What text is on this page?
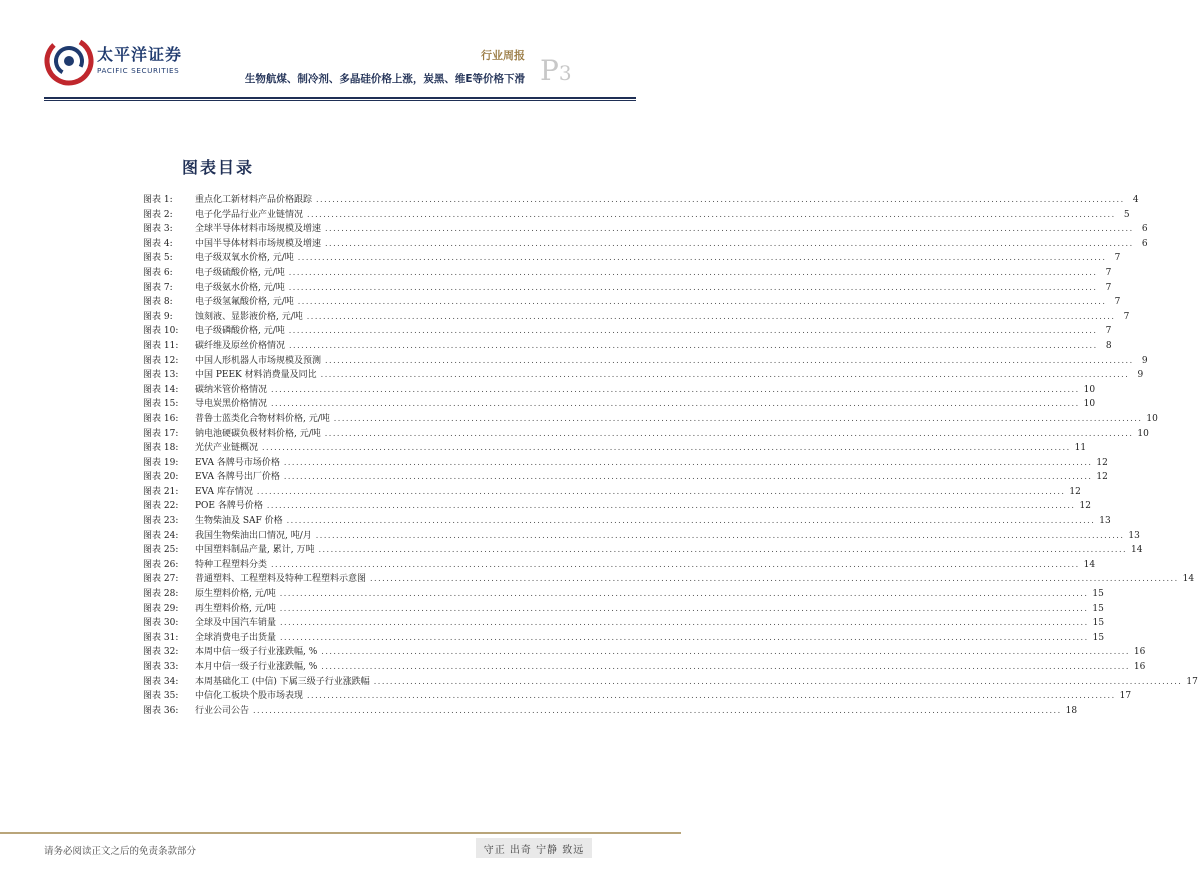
太平洋证券
PACIFIC SECURITIES
行业周报
生物航煤、制冷剂、多晶硅价格上涨，炭黑、维E等价格下滑 P3
图表目录
图表 1:	重点化工新材料产品价格跟踪 ........................................................................................................................................................................................................ 4
图表 2:	电子化学品行业产业链情况 ........................................................................................................................................................................................................ 5
图表 3:	全球半导体材料市场规模及增速 ........................................................................................................................................................................................................ 6
图表 4:	中国半导体材料市场规模及增速 ........................................................................................................................................................................................................ 6
图表 5:	电子级双氧水价格, 元/吨 ........................................................................................................................................................................................................ 7
图表 6:	电子级硫酸价格, 元/吨 ........................................................................................................................................................................................................ 7
图表 7:	电子级氨水价格, 元/吨 ........................................................................................................................................................................................................ 7
图表 8:	电子级氢氟酸价格, 元/吨 ........................................................................................................................................................................................................ 7
图表 9:	蚀刻液、显影液价格, 元/吨 ........................................................................................................................................................................................................ 7
图表 10:	电子级磷酸价格, 元/吨 ........................................................................................................................................................................................................ 7
图表 11:	碳纤维及原丝价格情况 ........................................................................................................................................................................................................ 8
图表 12:	中国人形机器人市场规模及预测 ........................................................................................................................................................................................................ 9
图表 13:	中国 PEEK 材料消费量及同比 ........................................................................................................................................................................................................ 9
图表 14:	碳纳米管价格情况 ........................................................................................................................................................................................................ 10
图表 15:	导电炭黑价格情况 ........................................................................................................................................................................................................ 10
图表 16:	普鲁士蓝类化合物材料价格, 元/吨 ........................................................................................................................................................................................................ 10
图表 17:	钠电池硬碳负极材料价格, 元/吨 ........................................................................................................................................................................................................ 10
图表 18:	光伏产业链概况 ........................................................................................................................................................................................................ 11
图表 19:	EVA 各牌号市场价格 ........................................................................................................................................................................................................ 12
图表 20:	EVA 各牌号出厂价格 ........................................................................................................................................................................................................ 12
图表 21:	EVA 库存情况 ........................................................................................................................................................................................................ 12
图表 22:	POE 各牌号价格 ........................................................................................................................................................................................................ 12
图表 23:	生物柴油及 SAF 价格 ........................................................................................................................................................................................................ 13
图表 24:	我国生物柴油出口情况, 吨/月 ........................................................................................................................................................................................................ 13
图表 25:	中国塑料制品产量, 累计, 万吨 ........................................................................................................................................................................................................ 14
图表 26:	特种工程塑料分类 ........................................................................................................................................................................................................ 14
图表 27:	普通塑料、工程塑料及特种工程塑料示意图 ........................................................................................................................................................................................................ 14
图表 28:	原生塑料价格, 元/吨 ........................................................................................................................................................................................................ 15
图表 29:	再生塑料价格, 元/吨 ........................................................................................................................................................................................................ 15
图表 30:	全球及中国汽车销量 ........................................................................................................................................................................................................ 15
图表 31:	全球消费电子出货量 ........................................................................................................................................................................................................ 15
图表 32:	本周中信一级子行业涨跌幅, % ........................................................................................................................................................................................................ 16
图表 33:	本月中信一级子行业涨跌幅, % ........................................................................................................................................................................................................ 16
图表 34:	本周基础化工 (中信) 下属三级子行业涨跌幅 ........................................................................................................................................................................................................ 17
图表 35:	中信化工板块个股市场表现 ........................................................................................................................................................................................................ 17
图表 36:	行业公司公告 ........................................................................................................................................................................................................ 18
请务必阅读正文之后的免责条款部分	守正 出奇 宁静 致远
